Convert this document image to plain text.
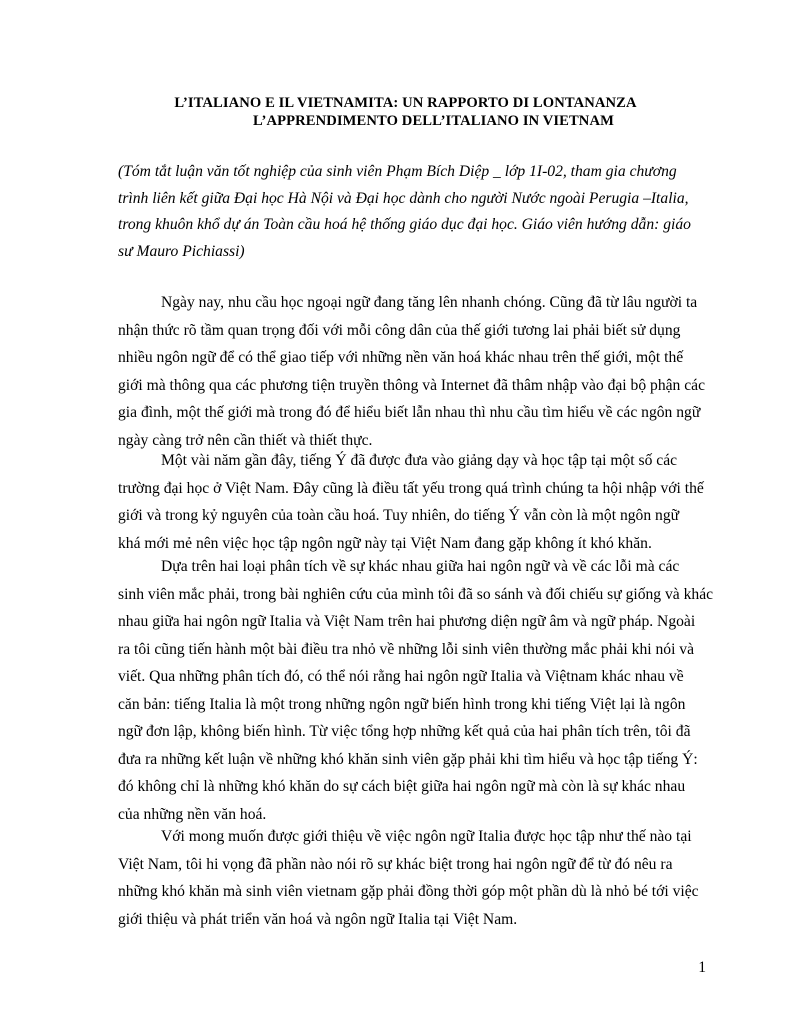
L’ITALIANO E IL VIETNAMITA: UN RAPPORTO DI LONTANANZA
L’APPRENDIMENTO DELL’ITALIANO IN VIETNAM
(Tóm tắt luận văn tốt nghiệp của sinh viên Phạm Bích Diệp _ lớp 1I-02, tham gia chương
trình liên kết giữa Đại học Hà Nội và Đại học dành cho người Nước ngoài Perugia –Italia,
trong khuôn khổ dự án Toàn cầu hoá hệ thống giáo dục đại học. Giáo viên hướng dẫn: giáo
sư Mauro Pichiassi)
Ngày nay, nhu cầu học ngoại ngữ đang tăng lên nhanh chóng. Cũng đã từ lâu người ta
nhận thức rõ tầm quan trọng đối với mỗi công dân của thế giới tương lai phải biết sử dụng
nhiều ngôn ngữ để có thể giao tiếp với những nền văn hoá khác nhau trên thế giới, một thế
giới mà thông qua các phương tiện truyền thông và Internet đã thâm nhập vào đại bộ phận các
gia đình, một thế giới mà trong đó để hiểu biết lẫn nhau thì nhu cầu tìm hiểu về các ngôn ngữ
ngày càng trở nên cần thiết và thiết thực.
Một vài năm gần đây, tiếng Ý đã được đưa vào giảng dạy và học tập tại một số các
trường đại học ở Việt Nam. Đây cũng là điều tất yếu trong quá trình chúng ta hội nhập với thế
giới và trong kỷ nguyên của toàn cầu hoá. Tuy nhiên, do tiếng Ý vẫn còn là một ngôn ngữ
khá mới mẻ nên việc học tập ngôn ngữ này tại Việt Nam đang gặp không ít khó khăn.
Dựa trên hai loại phân tích về sự khác nhau giữa hai ngôn ngữ và về các lỗi mà các
sinh viên mắc phải, trong bài nghiên cứu của mình tôi đã so sánh và đối chiếu sự giống và khác
nhau giữa hai ngôn ngữ Italia và Việt Nam trên hai phương diện ngữ âm và ngữ pháp. Ngoài
ra tôi cũng tiến hành một bài điều tra nhỏ về những lỗi sinh viên thường mắc phải khi nói và
viết. Qua những phân tích đó, có thể nói rằng hai ngôn ngữ Italia và Việtnam khác nhau về
căn bản: tiếng Italia là một trong những ngôn ngữ biến hình trong khi tiếng Việt lại là ngôn
ngữ đơn lập, không biến hình. Từ việc tổng hợp những kết quả của hai phân tích trên, tôi đã
đưa ra những kết luận về những khó khăn sinh viên gặp phải khi tìm hiểu và học tập tiếng Ý:
đó không chỉ là những khó khăn do sự cách biệt giữa hai ngôn ngữ mà còn là sự khác nhau
của những nền văn hoá.
Với mong muốn được giới thiệu về việc ngôn ngữ Italia được học tập như thế nào tại
Việt Nam, tôi hi vọng đã phần nào nói rõ sự khác biệt trong hai ngôn ngữ để từ đó nêu ra
những khó khăn mà sinh viên vietnam gặp phải đồng thời góp một phần dù là nhỏ bé tới việc
giới thiệu và phát triển văn hoá và ngôn ngữ Italia tại Việt Nam.
1
